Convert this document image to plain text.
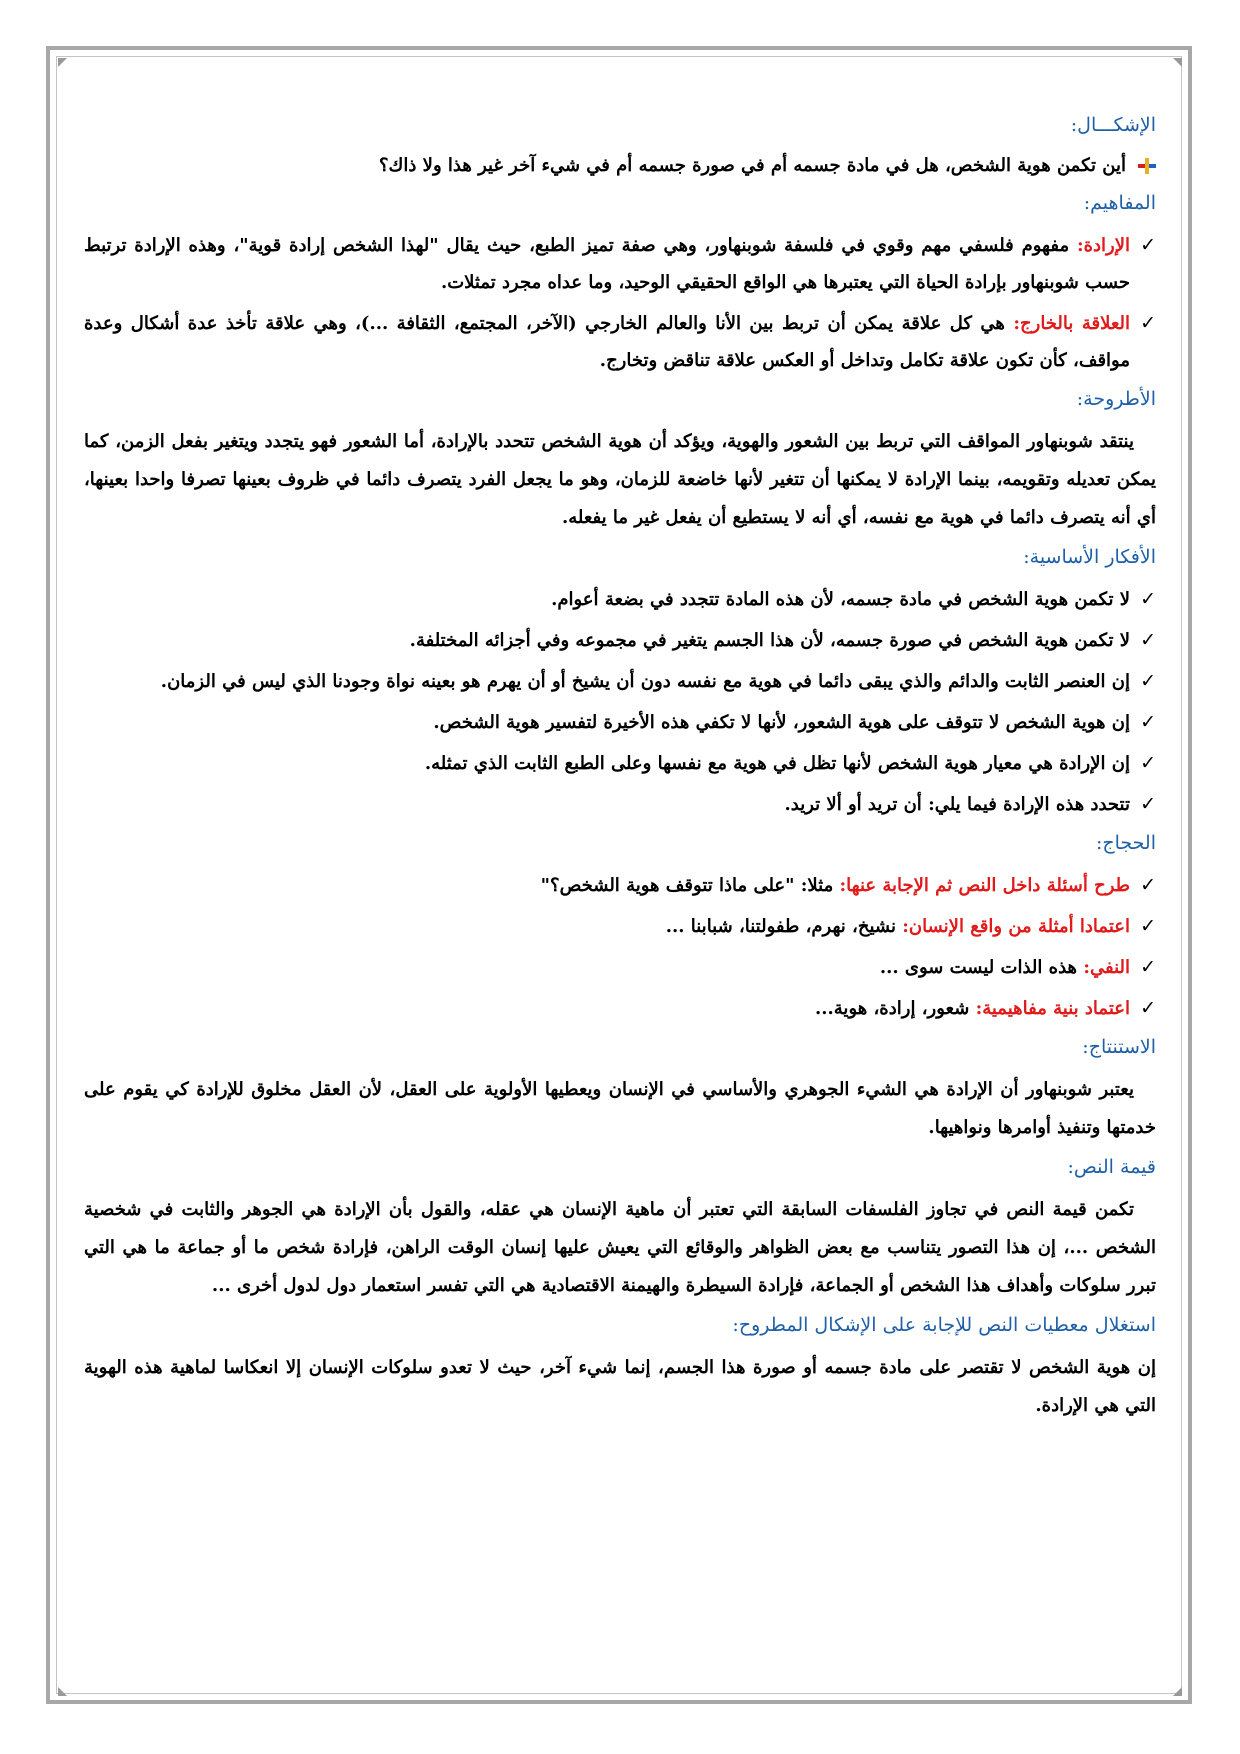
الإشكـــال:
أين تكمن هوية الشخص، هل في مادة جسمه أم في صورة جسمه أم في شيء آخر غير هذا ولا ذاك؟
المفاهيم:
✓
الإرادة: مفهوم فلسفي مهم وقوي في فلسفة شوبنهاور، وهي صفة تميز الطبع، حيث يقال "لهذا الشخص إرادة قوية"، وهذه الإرادة ترتبط حسب شوبنهاور بإرادة الحياة التي يعتبرها هي الواقع الحقيقي الوحيد، وما عداه مجرد تمثلات.
✓
العلاقة بالخارج: هي كل علاقة يمكن أن تربط بين الأنا والعالم الخارجي (الآخر، المجتمع، الثقافة ...)، وهي علاقة تأخذ عدة أشكال وعدة مواقف، كأن تكون علاقة تكامل وتداخل أو العكس علاقة تناقض وتخارج.
الأطروحة:

ينتقد شوبنهاور المواقف التي تربط بين الشعور والهوية، ويؤكد أن هوية الشخص تتحدد بالإرادة، أما الشعور فهو يتجدد ويتغير بفعل الزمن، كما يمكن تعديله وتقويمه، بينما الإرادة لا يمكنها أن تتغير لأنها خاضعة للزمان، وهو ما يجعل الفرد يتصرف دائما في ظروف بعينها تصرفا واحدا بعينها، أي أنه يتصرف دائما في هوية مع نفسه، أي أنه لا يستطيع أن يفعل غير ما يفعله.

الأفكار الأساسية:
✓
لا تكمن هوية الشخص في مادة جسمه، لأن هذه المادة تتجدد في بضعة أعوام.
✓
لا تكمن هوية الشخص في صورة جسمه، لأن هذا الجسم يتغير في مجموعه وفي أجزائه المختلفة.
✓
إن العنصر الثابت والدائم والذي يبقى دائما في هوية مع نفسه دون أن يشيخ أو أن يهرم هو بعينه نواة وجودنا الذي ليس في الزمان.
✓
إن هوية الشخص لا تتوقف على هوية الشعور، لأنها لا تكفي هذه الأخيرة لتفسير هوية الشخص.
✓
إن الإرادة هي معيار هوية الشخص لأنها تظل في هوية مع نفسها وعلى الطبع الثابت الذي تمثله.
✓
تتحدد هذه الإرادة فيما يلي: أن تريد أو ألا تريد.
الحجاج:
✓
طرح أسئلة داخل النص ثم الإجابة عنها: مثلا: "على ماذا تتوقف هوية الشخص؟"
✓
اعتمادا أمثلة من واقع الإنسان: نشيخ، نهرم، طفولتنا، شبابنا ...
✓
النفي: هذه الذات ليست سوى ...
✓
اعتماد بنية مفاهيمية: شعور، إرادة، هوية...
الاستنتاج:

يعتبر شوبنهاور أن الإرادة هي الشيء الجوهري والأساسي في الإنسان ويعطيها الأولوية على العقل، لأن العقل مخلوق للإرادة كي يقوم على خدمتها وتنفيذ أوامرها ونواهيها.

قيمة النص:

تكمن قيمة النص في تجاوز الفلسفات السابقة التي تعتبر أن ماهية الإنسان هي عقله، والقول بأن الإرادة هي الجوهر والثابت في شخصية الشخص ...، إن هذا التصور يتناسب مع بعض الظواهر والوقائع التي يعيش عليها إنسان الوقت الراهن، فإرادة شخص ما أو جماعة ما هي التي تبرر سلوكات وأهداف هذا الشخص أو الجماعة، فإرادة السيطرة والهيمنة الاقتصادية هي التي تفسر استعمار دول لدول أخرى ...

استغلال معطيات النص للإجابة على الإشكال المطروح:

إن هوية الشخص لا تقتصر على مادة جسمه أو صورة هذا الجسم، إنما شيء آخر، حيث لا تعدو سلوكات الإنسان إلا انعكاسا لماهية هذه الهوية التي هي الإرادة.
